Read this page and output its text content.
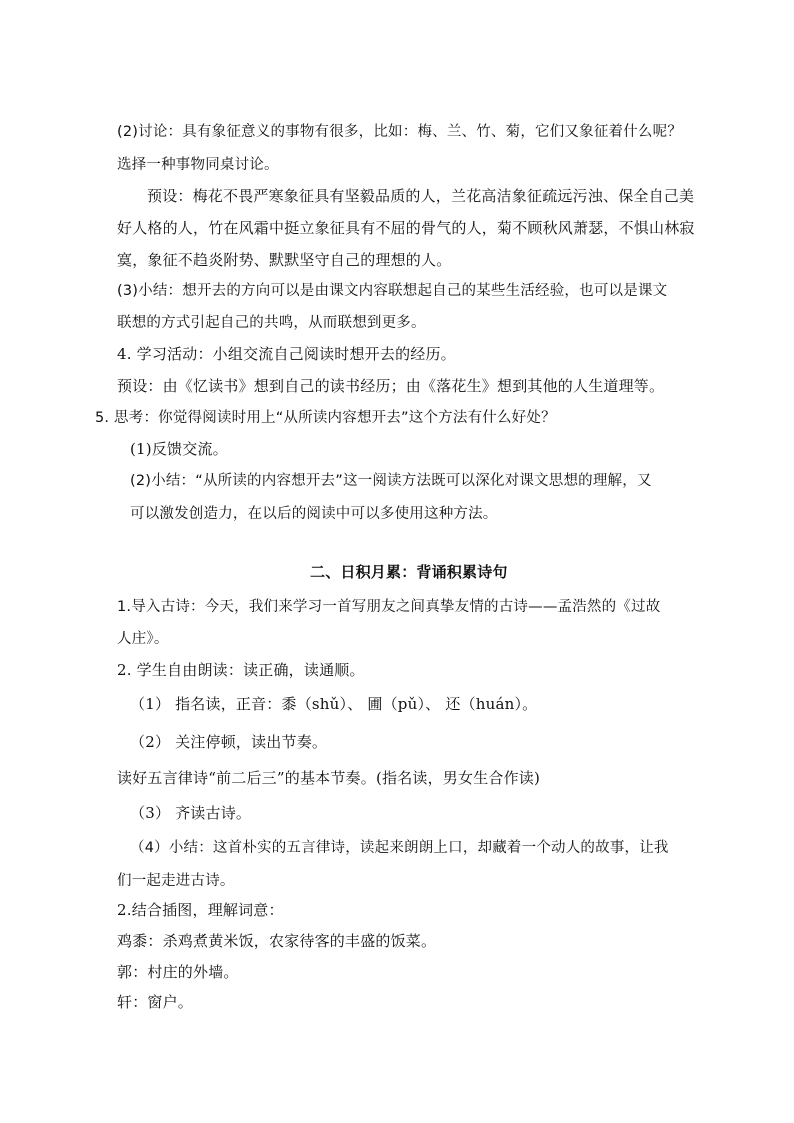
(2)讨论：具有象征意义的事物有很多，比如：梅、兰、竹、菊，它们又象征着什么呢？
选择一种事物同桌讨论。
预设：梅花不畏严寒象征具有坚毅品质的人，兰花高洁象征疏远污浊、保全自己美
好人格的人，竹在风霜中挺立象征具有不屈的骨气的人，菊不顾秋风萧瑟，不惧山林寂
寞，象征不趋炎附势、默默坚守自己的理想的人。
(3)小结：想开去的方向可以是由课文内容联想起自己的某些生活经验，也可以是课文
联想的方式引起自己的共鸣，从而联想到更多。
4. 学习活动：小组交流自己阅读时想开去的经历。
预设：由《忆读书》想到自己的读书经历；由《落花生》想到其他的人生道理等。
5. 思考：你觉得阅读时用上“从所读内容想开去”这个方法有什么好处？
(1)反馈交流。
(2)小结：“从所读的内容想开去”这一阅读方法既可以深化对课文思想的理解，又
可以激发创造力，在以后的阅读中可以多使用这种方法。
二、日积月累：背诵积累诗句
1.导入古诗：今天，我们来学习一首写朋友之间真挚友情的古诗——孟浩然的《过故
人庄》。
2. 学生自由朗读：读正确，读通顺。
（1） 指名读，正音：黍（shǔ）、 圃（pǔ）、 还（huán）。
（2） 关注停顿，读出节奏。
读好五言律诗“前二后三”的基本节奏。(指名读，男女生合作读)
（3） 齐读古诗。
（4）小结：这首朴实的五言律诗，读起来朗朗上口，却藏着一个动人的故事，让我
们一起走进古诗。
2.结合插图，理解词意：
鸡黍：杀鸡煮黄米饭，农家待客的丰盛的饭菜。
郭：村庄的外墙。
轩：窗户。
